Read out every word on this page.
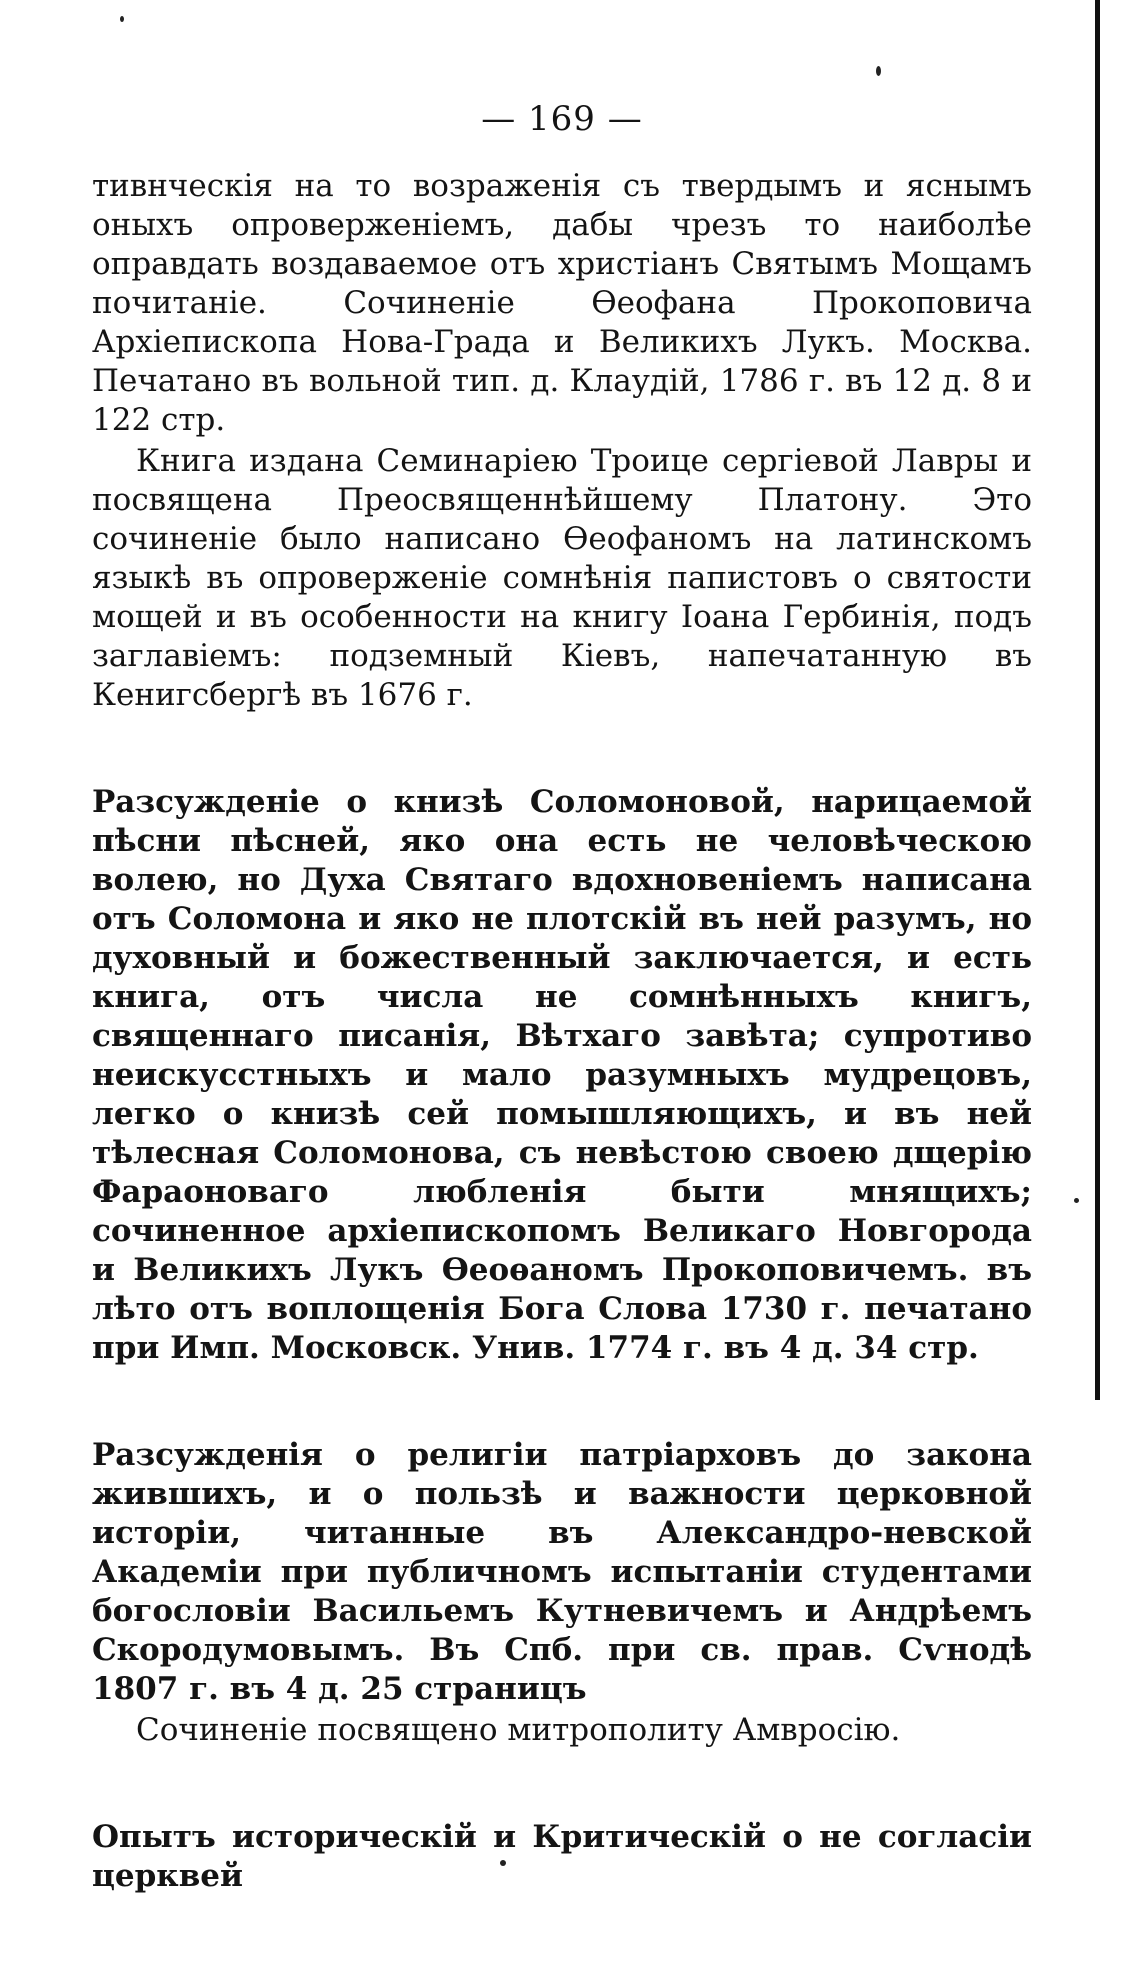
— 169 —

тивнческія на то возраженія съ твердымъ и яснымъ оныхъ опроверженіемъ, дабы чрезъ то наиболѣе оправдать воздаваемое отъ христіанъ Святымъ Мощамъ почитаніе. Сочиненіе Ѳеофана Прокоповича Архіепископа Нова-Града и Великихъ Лукъ. Москва. Печатано въ вольной тип. д. Клаудій, 1786 г. въ 12 д. 8 и 122 стр.

Книга издана Семинаріею Троице сергіевой Лавры и посвящена Преосвященнѣйшему Платону. Это сочиненіе было написано Ѳеофаномъ на латинскомъ языкѣ въ опроверженіе сомнѣнія папистовъ о святости мощей и въ особенности на книгу Іоана Гербинія, подъ заглавіемъ: подземный Кіевъ, напечатанную въ Кенигсбергѣ въ 1676 г.

Разсужденіе о книзѣ Соломоновой, нарицаемой пѣсни пѣсней, яко она есть не человѣческою волею, но Духа Святаго вдохновеніемъ написана отъ Соломона и яко не плотскій въ ней разумъ, но духовный и божественный заключается, и есть книга, отъ числа не сомнѣнныхъ книгъ, священнаго писанія, Вѣтхаго завѣта; супротиво неискусстныхъ и мало разумныхъ мудрецовъ, легко о книзѣ сей помышляющихъ, и въ ней тѣлесная Соломонова, съ невѣстою своею дщерію Фараоноваго любленія быти мнящихъ; сочиненное архіепископомъ Великаго Новгорода и Великихъ Лукъ Ѳеоѳаномъ Прокоповичемъ. въ лѣто отъ воплощенія Бога Слова 1730 г. печатано при Имп. Московск. Унив. 1774 г. въ 4 д. 34 стр.

Разсужденія о религіи патріарховъ до закона жившихъ, и о пользѣ и важности церковной исторіи, читанные въ Александро-невской Академіи при публичномъ испытаніи студентами богословіи Васильемъ Кутневичемъ и Андрѣемъ Скородумовымъ. Въ Спб. при св. прав. Сѵнодѣ 1807 г. въ 4 д. 25 страницъ

Сочиненіе посвящено митрополиту Амвросію.

Опытъ историческій и Критическій о не согласіи церквей
